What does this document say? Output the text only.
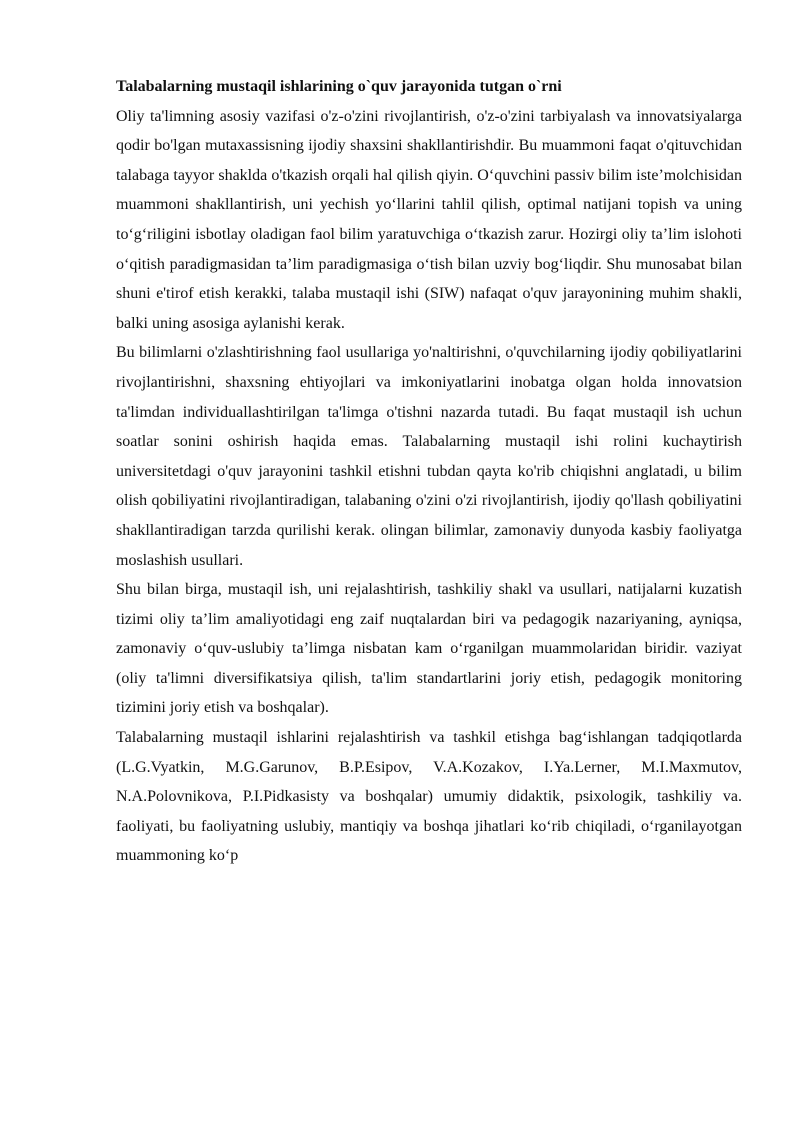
Talabalarning mustaqil ishlarining o`quv jarayonida tutgan o`rni

Oliy ta'limning asosiy vazifasi o'z-o'zini rivojlantirish, o'z-o'zini tarbiyalash va innovatsiyalarga qodir bo'lgan mutaxassisning ijodiy shaxsini shakllantirishdir. Bu muammoni faqat o'qituvchidan talabaga tayyor shaklda o'tkazish orqali hal qilish qiyin. O‘quvchini passiv bilim iste’molchisidan muammoni shakllantirish, uni yechish yo‘llarini tahlil qilish, optimal natijani topish va uning to‘g‘riligini isbotlay oladigan faol bilim yaratuvchiga o‘tkazish zarur. Hozirgi oliy ta’lim islohoti o‘qitish paradigmasidan ta’lim paradigmasiga o‘tish bilan uzviy bog‘liqdir. Shu munosabat bilan shuni e'tirof etish kerakki, talaba mustaqil ishi (SIW) nafaqat o'quv jarayonining muhim shakli, balki uning asosiga aylanishi kerak.

Bu bilimlarni o'zlashtirishning faol usullariga yo'naltirishni, o'quvchilarning ijodiy qobiliyatlarini rivojlantirishni, shaxsning ehtiyojlari va imkoniyatlarini inobatga olgan holda innovatsion ta'limdan individuallashtirilgan ta'limga o'tishni nazarda tutadi. Bu faqat mustaqil ish uchun soatlar sonini oshirish haqida emas. Talabalarning mustaqil ishi rolini kuchaytirish universitetdagi o'quv jarayonini tashkil etishni tubdan qayta ko'rib chiqishni anglatadi, u bilim olish qobiliyatini rivojlantiradigan, talabaning o'zini o'zi rivojlantirish, ijodiy qo'llash qobiliyatini shakllantiradigan tarzda qurilishi kerak. olingan bilimlar, zamonaviy dunyoda kasbiy faoliyatga moslashish usullari.

Shu bilan birga, mustaqil ish, uni rejalashtirish, tashkiliy shakl va usullari, natijalarni kuzatish tizimi oliy ta’lim amaliyotidagi eng zaif nuqtalardan biri va pedagogik nazariyaning, ayniqsa, zamonaviy o‘quv-uslubiy ta’limga nisbatan kam o‘rganilgan muammolaridan biridir. vaziyat (oliy ta'limni diversifikatsiya qilish, ta'lim standartlarini joriy etish, pedagogik monitoring tizimini joriy etish va boshqalar).

Talabalarning mustaqil ishlarini rejalashtirish va tashkil etishga bag‘ishlangan tadqiqotlarda (L.G.Vyatkin, M.G.Garunov, B.P.Esipov, V.A.Kozakov, I.Ya.Lerner, M.I.Maxmutov, N.A.Polovnikova, P.I.Pidkasisty va boshqalar) umumiy didaktik, psixologik, tashkiliy va. faoliyati, bu faoliyatning uslubiy, mantiqiy va boshqa jihatlari ko‘rib chiqiladi, o‘rganilayotgan muammoning ko‘p
